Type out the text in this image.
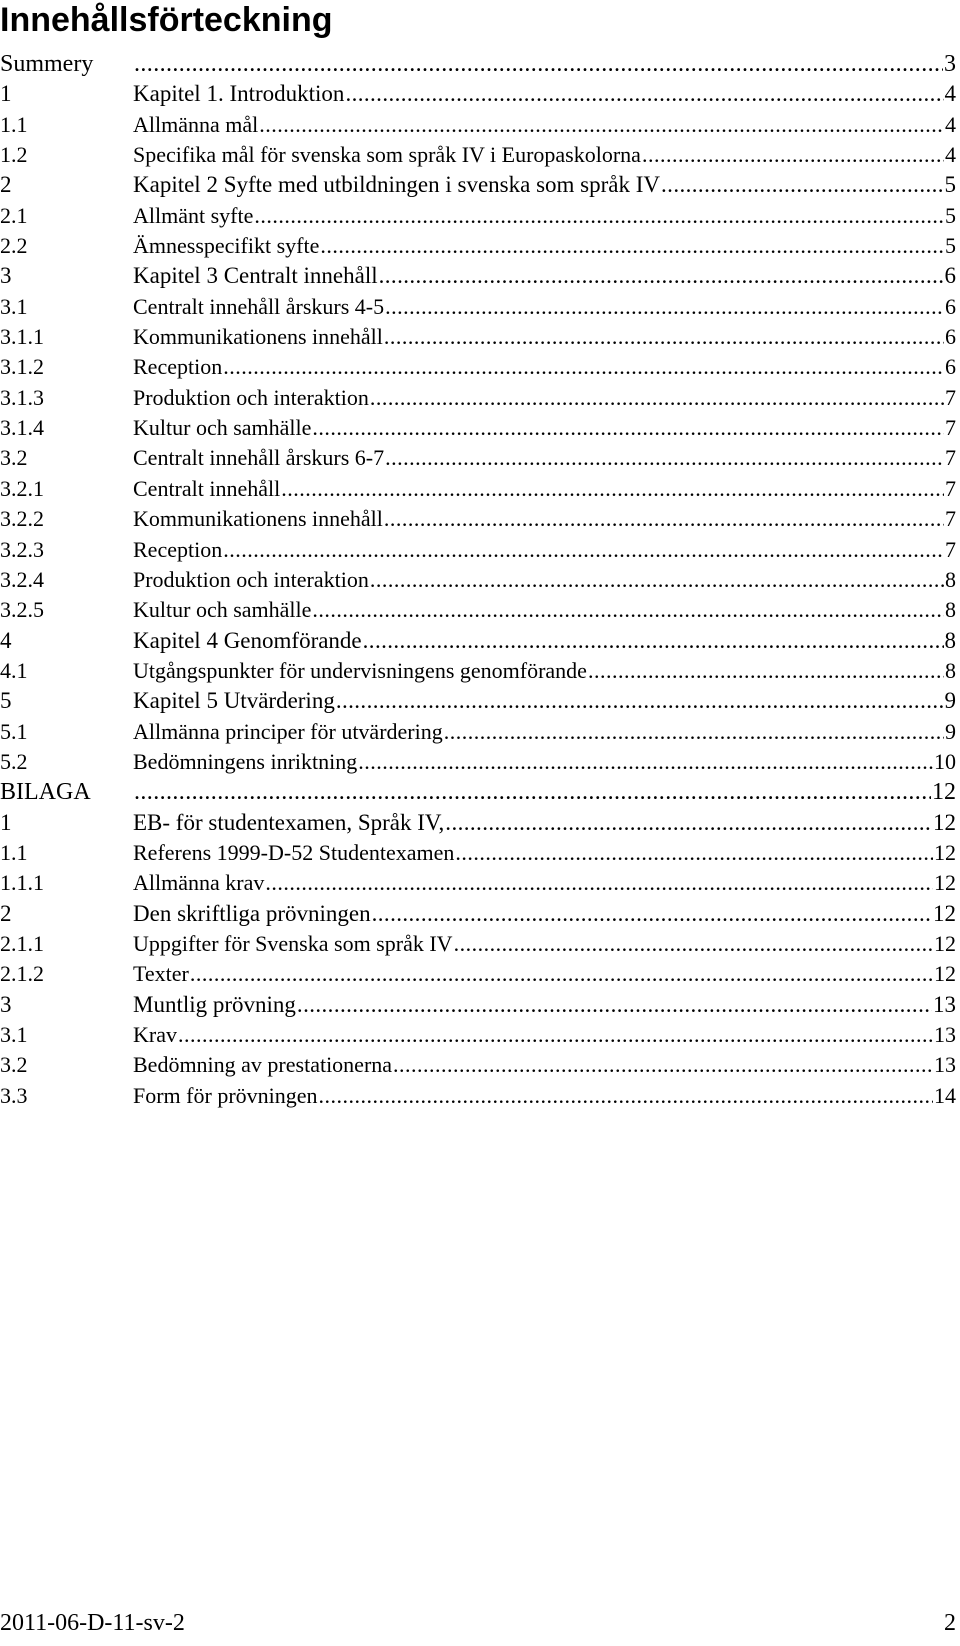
Innehållsförteckning
Summery .....	3
1	Kapitel 1. Introduktion .....	4
1.1	Allmänna mål .....	4
1.2	Specifika mål för svenska som språk IV i Europaskolorna .....	4
2	Kapitel 2 Syfte med utbildningen i svenska som språk IV .....	5
2.1	Allmänt syfte .....	5
2.2	Ämnesspecifikt syfte .....	5
3	Kapitel 3 Centralt innehåll .....	6
3.1	Centralt innehåll årskurs 4-5 .....	6
3.1.1	Kommunikationens innehåll .....	6
3.1.2	Reception .....	6
3.1.3	Produktion och interaktion .....	7
3.1.4	Kultur och samhälle .....	7
3.2	Centralt innehåll årskurs 6-7 .....	7
3.2.1	Centralt innehåll .....	7
3.2.2	Kommunikationens innehåll .....	7
3.2.3	Reception .....	7
3.2.4	Produktion och interaktion .....	8
3.2.5	Kultur och samhälle .....	8
4	Kapitel 4 Genomförande .....	8
4.1	Utgångspunkter för undervisningens genomförande .....	8
5	Kapitel 5 Utvärdering .....	9
5.1	Allmänna principer för utvärdering .....	9
5.2	Bedömningens inriktning .....	10
BILAGA .....	12
1	EB- för studentexamen, Språk IV, .....	12
1.1	Referens 1999-D-52 Studentexamen .....	12
1.1.1	Allmänna krav .....	12
2	Den skriftliga prövningen .....	12
2.1.1	Uppgifter för Svenska som språk IV .....	12
2.1.2	Texter .....	12
3	Muntlig prövning .....	13
3.1	Krav .....	13
3.2	Bedömning av prestationerna .....	13
3.3	Form för prövningen .....	14
2011-06-D-11-sv-2	2
